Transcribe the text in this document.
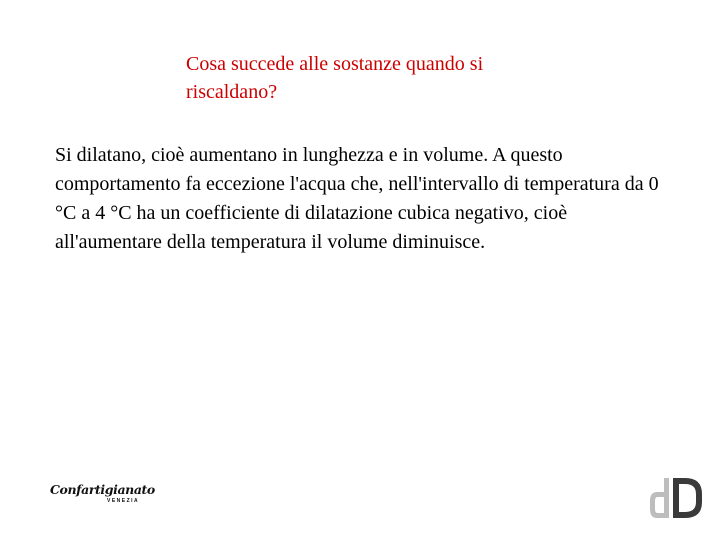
Cosa succede alle sostanze quando si riscaldano?

Si dilatano, cioè aumentano in lunghezza e in volume. A questo comportamento fa eccezione l'acqua che, nell'intervallo di temperatura da 0 °C a 4 °C ha un coefficiente di dilatazione cubica negativo, cioè all'aumentare della temperatura il volume diminuisce.

Confartigianato
VENEZIA
